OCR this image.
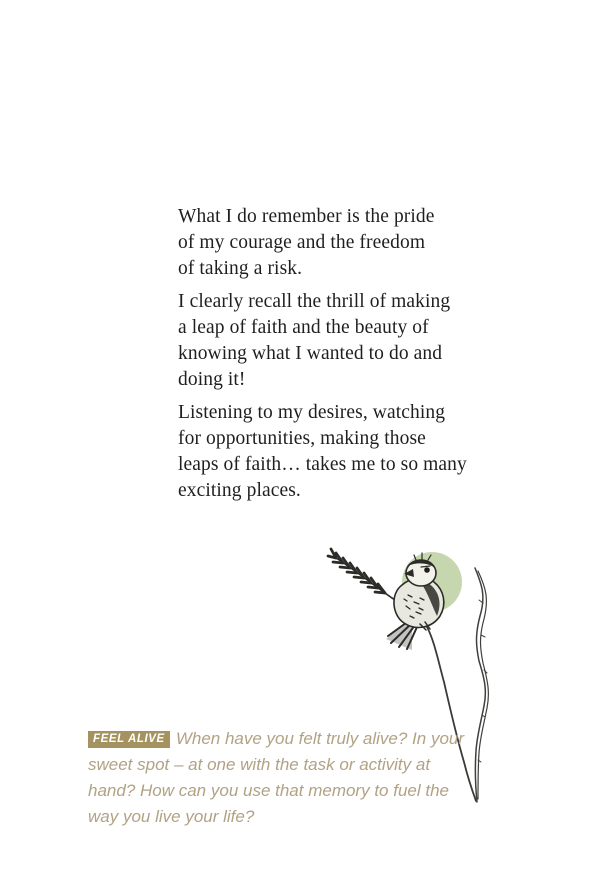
What I do remember is the pride
of my courage and the freedom
of taking a risk.

I clearly recall the thrill of making
a leap of faith and the beauty of
knowing what I wanted to do and
doing it!

Listening to my desires, watching
for opportunities, making those
leaps of faith… takes me to so many
exciting places.

FEEL ALIVE When have you felt truly alive? In your
sweet spot – at one with the task or activity at
hand? How can you use that memory to fuel the
way you live your life?
